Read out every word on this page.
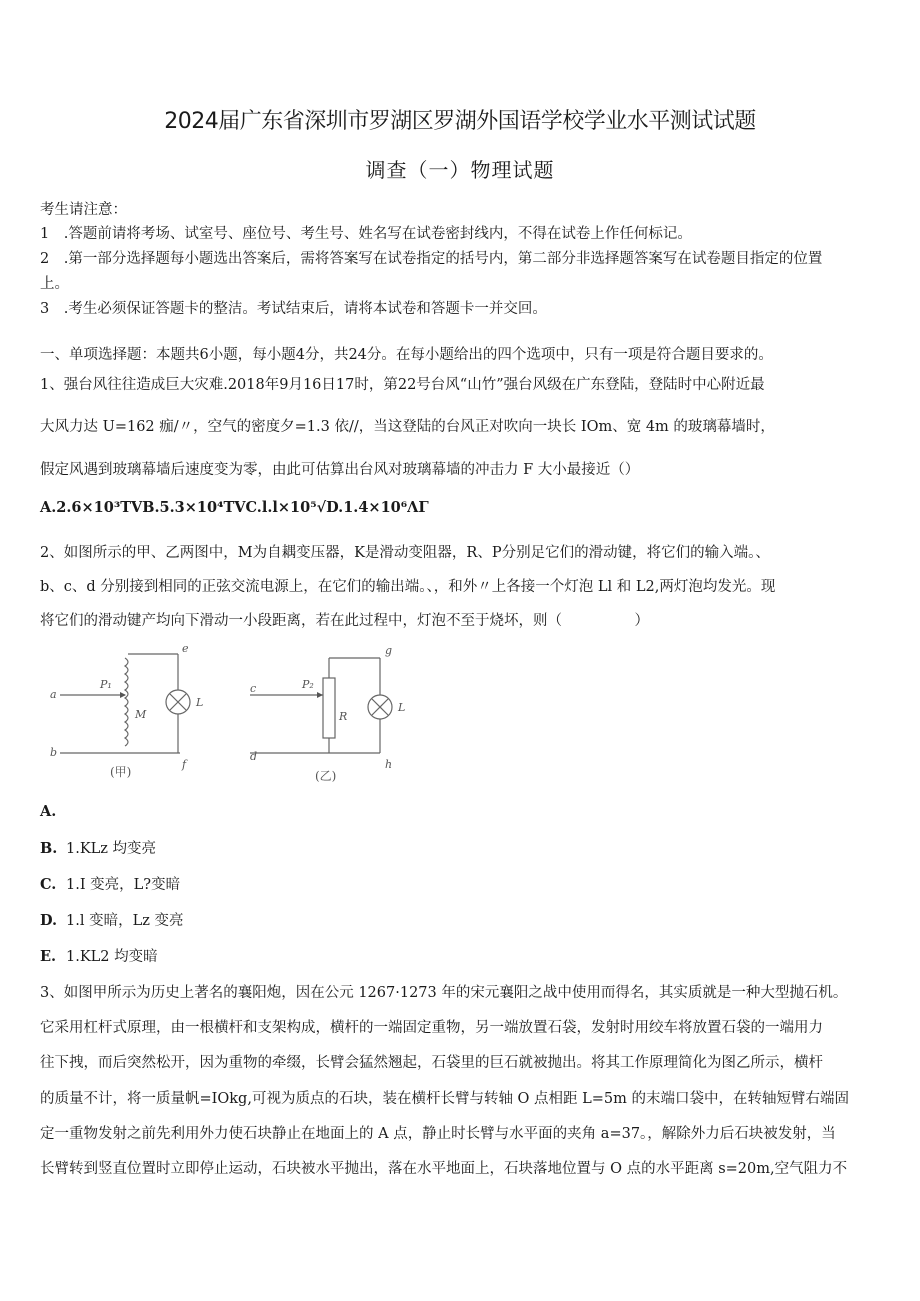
2024届广东省深圳市罗湖区罗湖外国语学校学业水平测试试题
调查（一）物理试题
考生请注意：
1　.答题前请将考场、试室号、座位号、考生号、姓名写在试卷密封线内，不得在试卷上作任何标记。
2　.第一部分选择题每小题选出答案后，需将答案写在试卷指定的括号内，第二部分非选择题答案写在试卷题目指定的位置
上。
3　.考生必须保证答题卡的整洁。考试结束后，请将本试卷和答题卡一并交回。
一、单项选择题：本题共6小题，每小题4分，共24分。在每小题给出的四个选项中，只有一项是符合题目要求的。
1、强台风往往造成巨大灾难.2018年9月16日17时，第22号台风“山竹”强台风级在广东登陆，登陆时中心附近最
大风力达 U=162 痂/〃，空气的密度夕=1.3 依//，当这登陆的台风正对吹向一块长 IOm、宽 4m 的玻璃幕墙时，
假定风遇到玻璃幕墙后速度变为零，由此可估算出台风对玻璃幕墙的冲击力 F 大小最接近（）
A.2.6×10³TVB.5.3×10⁴TVC.l.l×10⁵√D.1.4×10⁶ΛΓ
2、如图所示的甲、乙两图中，M为自耦变压器，K是滑动变阻器，R、P分别足它们的滑动键，将它们的输入端。、
b、c、d 分别接到相同的正弦交流电源上，在它们的输出端。、，和外〃上各接一个灯泡 Ll 和 L2,两灯泡均发光。现
将它们的滑动键产均向下滑动一小段距离，若在此过程中，灯泡不至于烧坏，则（　　　　　）
a
b
P₁
M
e
f
L
(甲)
c
d
P₂
R
g
h
L
(乙)
A.
B. 1.KLz 均变亮
C. 1.I 变亮，L?变暗
D. 1.l 变暗，Lz 变亮
E. 1.KL2 均变暗
3、如图甲所示为历史上著名的襄阳炮，因在公元 1267·1273 年的宋元襄阳之战中使用而得名，其实质就是一种大型抛石机。
它采用杠杆式原理，由一根横杆和支架构成，横杆的一端固定重物，另一端放置石袋，发射时用绞车将放置石袋的一端用力
往下拽，而后突然松开，因为重物的牵缀，长臂会猛然翘起，石袋里的巨石就被抛出。将其工作原理简化为图乙所示，横杆
的质量不计，将一质量帆=IOkg,可视为质点的石块，装在横杆长臂与转轴 O 点相距 L=5m 的末端口袋中，在转轴短臂右端固
定一重物发射之前先利用外力使石块静止在地面上的 A 点，静止时长臂与水平面的夹角 a=37。，解除外力后石块被发射，当
长臂转到竖直位置时立即停止运动，石块被水平抛出，落在水平地面上，石块落地位置与 O 点的水平距离 s=20m,空气阻力不
